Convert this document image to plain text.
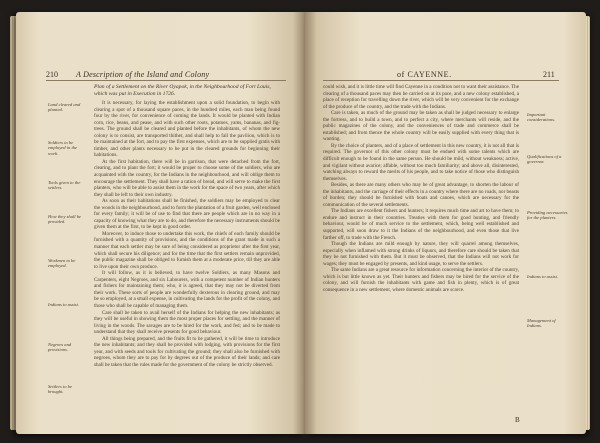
210 A Description of the Island and Colony
Plan of a Settlement on the River Oyapok, in the Neighbourhood of Fort Louis, which was put in Execution in 1726.
Land cleared and planted.
Soldiers to be employed in the work.
Tools given to the settlers.
How they shall be provided.
Workmen to be employed.
Indians to assist.
Negroes and provisions.
Settlers to be brought.

It is necessary, for laying the establishment upon a solid foundation, to begin with clearing a spot of a thousand square paces, in the hundred miles, each man being found four by the river, for convenience of coming the lands. It would be planted with Indian corn, rice, beans, and pease, and with such other roots, potatoes, yams, bananas, and fig-trees. The ground shall be cleared and planted before the inhabitants, of whom the new colony is to consist, are transported thither, and shall help to fall the pavilion, which is to be maintained at the fort, and to pay the first expenses, which are to be supplied gratis with timber, and other plants necessary to be put in the cleared grounds for beginning their habitations.

At the first habitation, there will be in garrison, that were detached from the fort, clearing, and to plant the fort; it would be proper to choose some of the soldiers, who are acquainted with the country, for the Indians in the neighbourhood, and will oblige them to encourage the settlement. They shall have a ration of bread, and will serve to make the first planters, who will be able to assist them in the work for the space of two years, after which they shall be left to their own industry.

As soon as their habitations shall be finished, the soldiers may be employed to clear the woods in the neighbourhood, and to form the plantation of a fruit garden, well enclosed for every family; it will be of use to find that there are people which are in no way in a capacity of knowing what they are to do, and therefore the necessary instruments should be given them at the first, to be kept in good order.

Moreover, to induce those to undertake this work, the chiefs of each family should be furnished with a quantity of provisions, and the conditions of the grant made in such a manner that each settler may be sure of being considered as proprietor after the first year, which shall secure his diligence; and for the time that the first settlers remain unprovided, the public magazine shall be obliged to furnish them at a moderate price, till they are able to live upon their own produce.

It will follow, as it is believed, to have twelve Soldiers, as many Masons and Carpenters, eight Negroes, and six Labourers, with a competent number of Indian hunters and fishers for maintaining them; who, it is agreed, that they may not be diverted from their work. These sorts of people are wonderfully dexterous in clearing ground, and may be so employed, at a small expense, in cultivating the lands for the profit of the colony, and those who shall be capable of managing them.

Care shall be taken to avail herself of the Indians for helping the new inhabitants; as they will be useful in showing them the most proper places for settling, and the manner of living in the woods. The savages are to be hired for the work, and fed; and to be made to understand that they shall receive presents for good behaviour.

All things being prepared, and the fruits fit to be gathered, it will be time to introduce the new inhabitants; and they shall be provided with lodging, with provisions for the first year, and with seeds and tools for cultivating the ground; they shall also be furnished with negroes, whom they are to pay for by degrees out of the produce of their lands; and care shall be taken that the rules made for the government of the colony be strictly observed.

of CAYENNE.	211
Important considerations.
Qualifications of a governor.
Providing necessaries for the planters.
Indians to assist.
Management of Indians.

could wish, and it is little time will find Cayenne in a condition not to want their assistance. The clearing of a thousand paces may then be carried on at its pace, and a new colony established, a place of reception for travelling down the river, which will be very convenient for the exchange of the produce of the country, and the trade with the Indians.

Care is taken, as much of the ground may be taken as shall be judged necessary to enlarge the fortress, and to build a town, and to perfect a city, where merchants will reside, and the public magazines of the colony, and the conveniences of trade and commerce shall be established; and from thence the whole country will be easily supplied with every thing that is wanting.

By the choice of planters, and of a place of settlement in this new country, it is not all that is required. The governor of this other colony must be endued with some talents which are difficult enough to be found in the same person. He should be mild, without weakness; active, and vigilant without avarice; affable, without too much familiarity; and above all, disinterested, watching always to reward the merits of his people, and to take notice of those who distinguish themselves.

Besides, as there are many others who may be of great advantage, to shorten the labour of the inhabitants, and the carriage of their effects in a country where there are no roads, nor beasts of burden; they should be furnished with boats and canoes, which are necessary for the communication of the several settlements.

The Indians are excellent fishers and hunters; it requires much time and art to have them; to endure and instruct in their countries. Treaties with them for good hunting, and friendly behaviour, would be of much service to the settlement, which, being well established and supported, will soon draw to it the Indians of the neighbourhood, and even those that live farther off, to trade with the French.

Though the Indians are mild enough by nature, they will quarrel among themselves, especially when inflamed with strong drinks of liquors, and therefore care should be taken that they be not furnished with them. But it must be observed, that the Indians will not work for wages; they must be engaged by presents, and kind usage, to serve the settlers.

The same Indians are a great resource for information concerning the interior of the country, which is but little known as yet. Their hunters and fishers may be hired for the service of the colony, and will furnish the inhabitants with game and fish in plenty, which is of great consequence in a new settlement, where domestic animals are scarce.

B
